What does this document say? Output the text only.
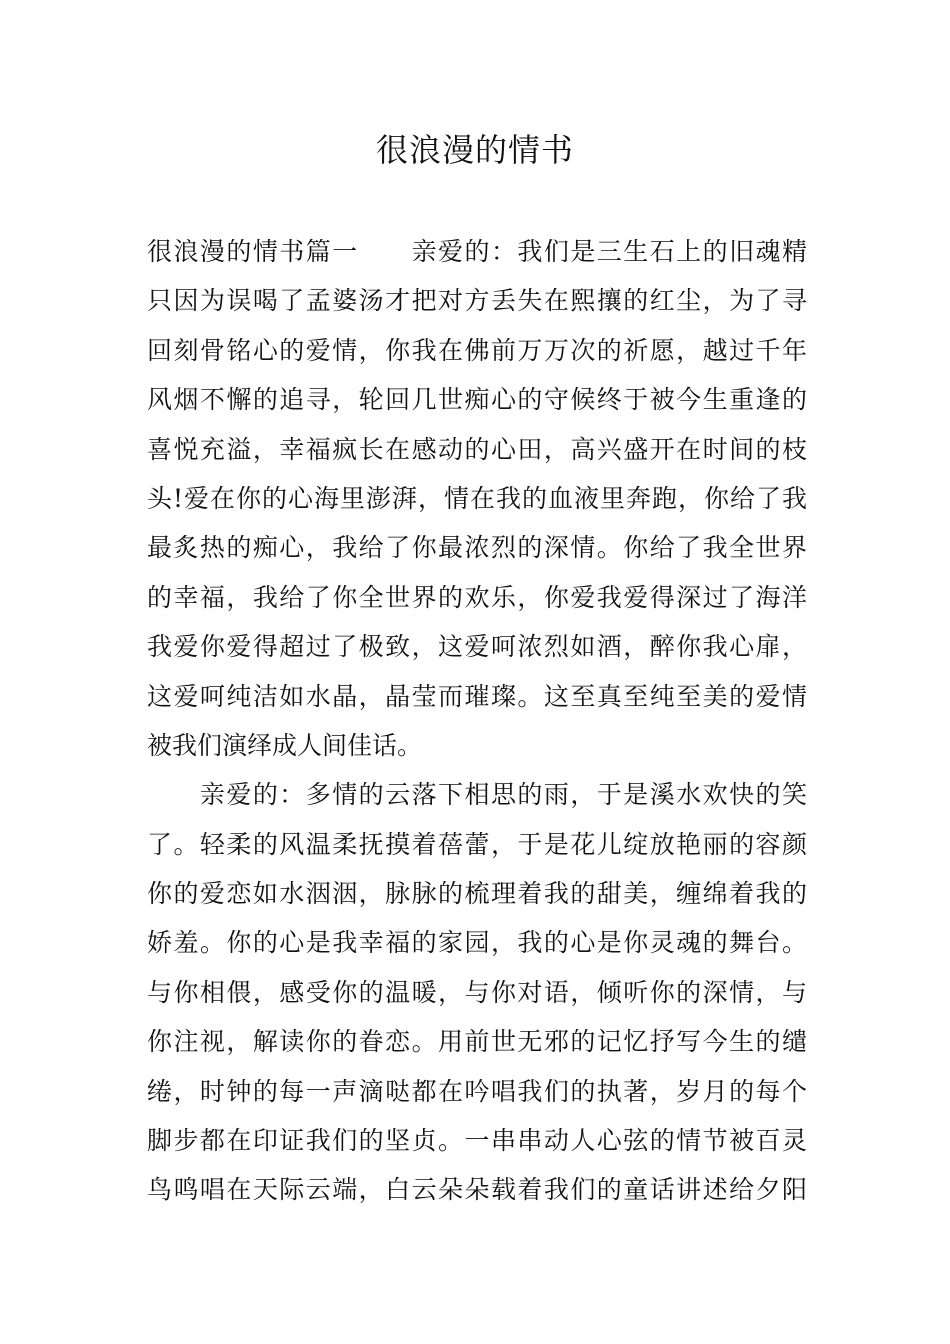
很浪漫的情书
很浪漫的情书篇一　　亲爱的：我们是三生石上的旧魂精
只因为误喝了孟婆汤才把对方丢失在熙攘的红尘，为了寻
回刻骨铭心的爱情，你我在佛前万万次的祈愿，越过千年
风烟不懈的追寻，轮回几世痴心的守候终于被今生重逢的
喜悦充溢，幸福疯长在感动的心田，高兴盛开在时间的枝
头!爱在你的心海里澎湃，情在我的血液里奔跑，你给了我
最炙热的痴心，我给了你最浓烈的深情。你给了我全世界
的幸福，我给了你全世界的欢乐，你爱我爱得深过了海洋
我爱你爱得超过了极致，这爱呵浓烈如酒，醉你我心扉，
这爱呵纯洁如水晶，晶莹而璀璨。这至真至纯至美的爱情
被我们演绎成人间佳话。
　　亲爱的：多情的云落下相思的雨，于是溪水欢快的笑
了。轻柔的风温柔抚摸着蓓蕾，于是花儿绽放艳丽的容颜
你的爱恋如水洇洇，脉脉的梳理着我的甜美，缠绵着我的
娇羞。你的心是我幸福的家园，我的心是你灵魂的舞台。
与你相偎，感受你的温暖，与你对语，倾听你的深情，与
你注视，解读你的眷恋。用前世无邪的记忆抒写今生的缱
绻，时钟的每一声滴哒都在吟唱我们的执著，岁月的每个
脚步都在印证我们的坚贞。一串串动人心弦的情节被百灵
鸟鸣唱在天际云端，白云朵朵载着我们的童话讲述给夕阳
